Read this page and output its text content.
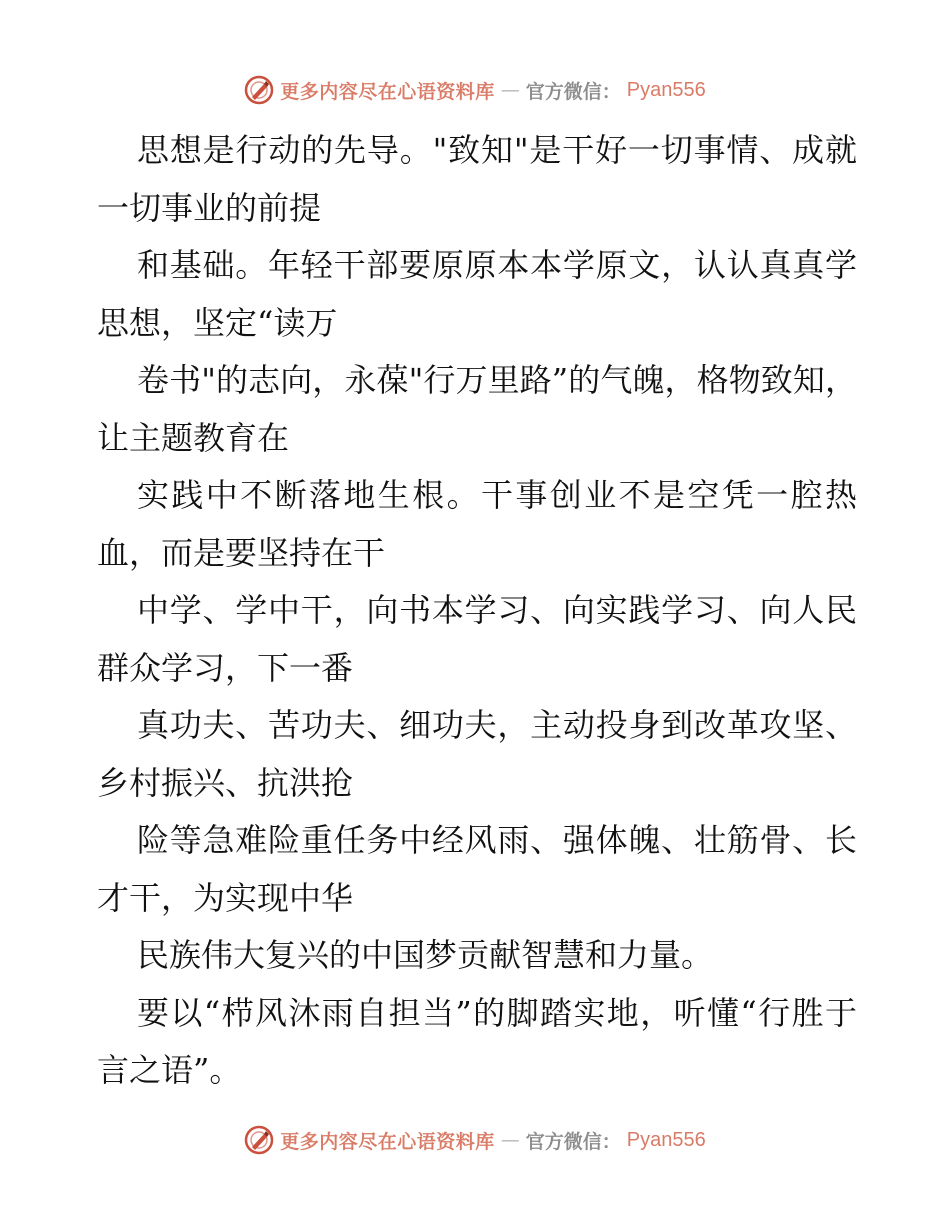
更多内容尽在心语资料库 — 官方微信： Pyan556

思想是行动的先导。"致知"是干好一切事情、成就一切事业的前提

和基础。年轻干部要原原本本学原文，认认真真学思想，坚定“读万

卷书"的志向，永葆"行万里路”的气魄，格物致知，让主题教育在

实践中不断落地生根。干事创业不是空凭一腔热血，而是要坚持在干

中学、学中干，向书本学习、向实践学习、向人民群众学习，下一番

真功夫、苦功夫、细功夫，主动投身到改革攻坚、乡村振兴、抗洪抢

险等急难险重任务中经风雨、强体魄、壮筋骨、长才干，为实现中华

民族伟大复兴的中国梦贡献智慧和力量。

要以“栉风沐雨自担当”的脚踏实地，听懂“行胜于言之语”。

更多内容尽在心语资料库 — 官方微信： Pyan556
